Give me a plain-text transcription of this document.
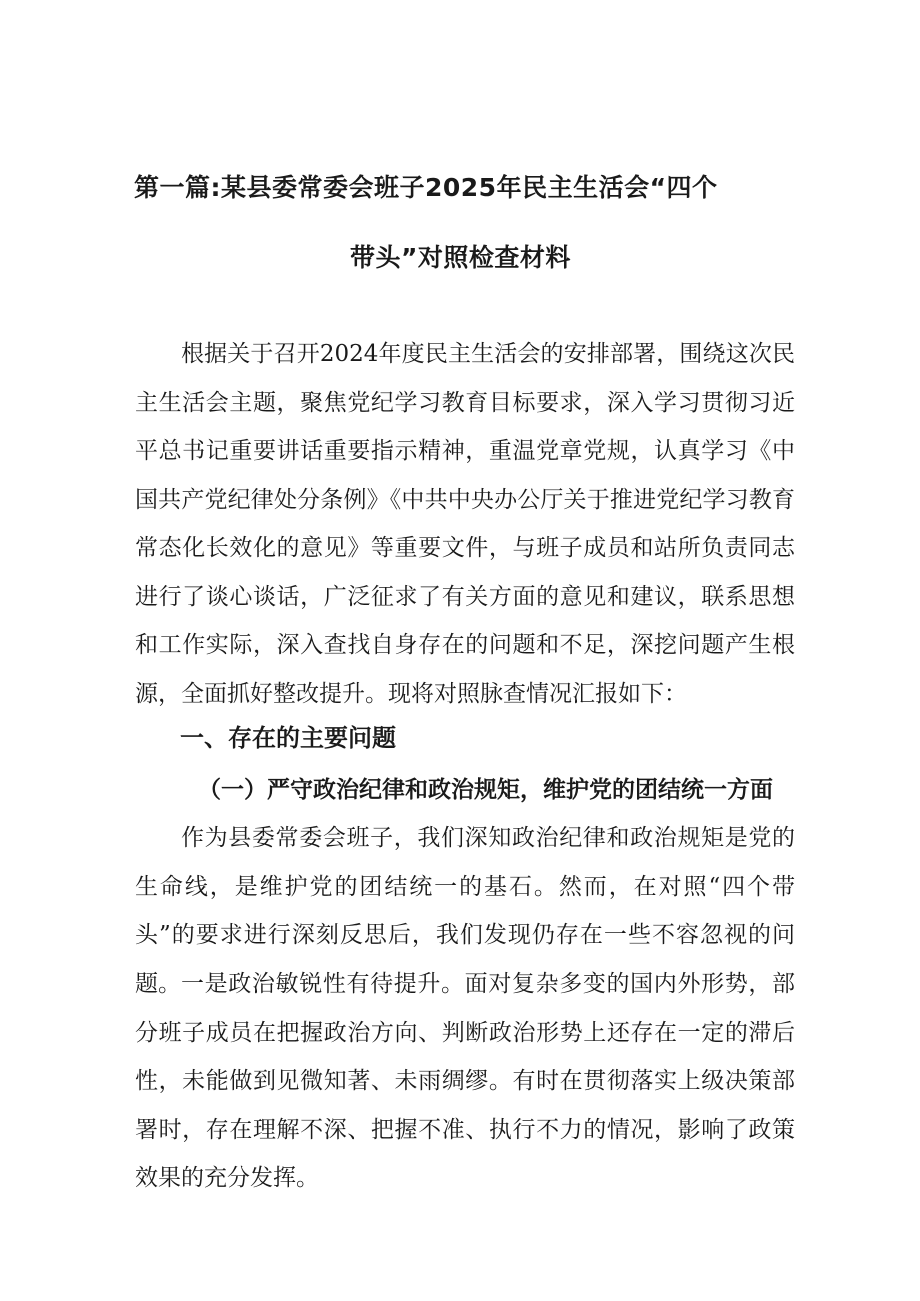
第一篇:某县委常委会班子2025年民主生活会“四个
带头”对照检查材料

根据关于召开2024年度民主生活会的安排部署，围绕这次民主生活会主题，聚焦党纪学习教育目标要求，深入学习贯彻习近平总书记重要讲话重要指示精神，重温党章党规，认真学习《中国共产党纪律处分条例》《中共中央办公厅关于推进党纪学习教育常态化长效化的意见》等重要文件，与班子成员和站所负责同志进行了谈心谈话，广泛征求了有关方面的意见和建议，联系思想和工作实际，深入查找自身存在的问题和不足，深挖问题产生根源，全面抓好整改提升。现将对照脉查情况汇报如下：

一、存在的主要问题
（一）严守政治纪律和政治规矩，维护党的团结统一方面

作为县委常委会班子，我们深知政治纪律和政治规矩是党的生命线，是维护党的团结统一的基石。然而，在对照“四个带头”的要求进行深刻反思后，我们发现仍存在一些不容忽视的问题。 一是政治敏锐性有待提升。面对复杂多变的国内外形势，部分班子成员在把握政治方向、判断政治形势上还存在一定的滞后性，未能做到见微知著、未雨绸缪。有时在贯彻落实上级决策部署时，存在理解不深、把握不准、执行不力的情况，影响了政策效果的充分发挥。
